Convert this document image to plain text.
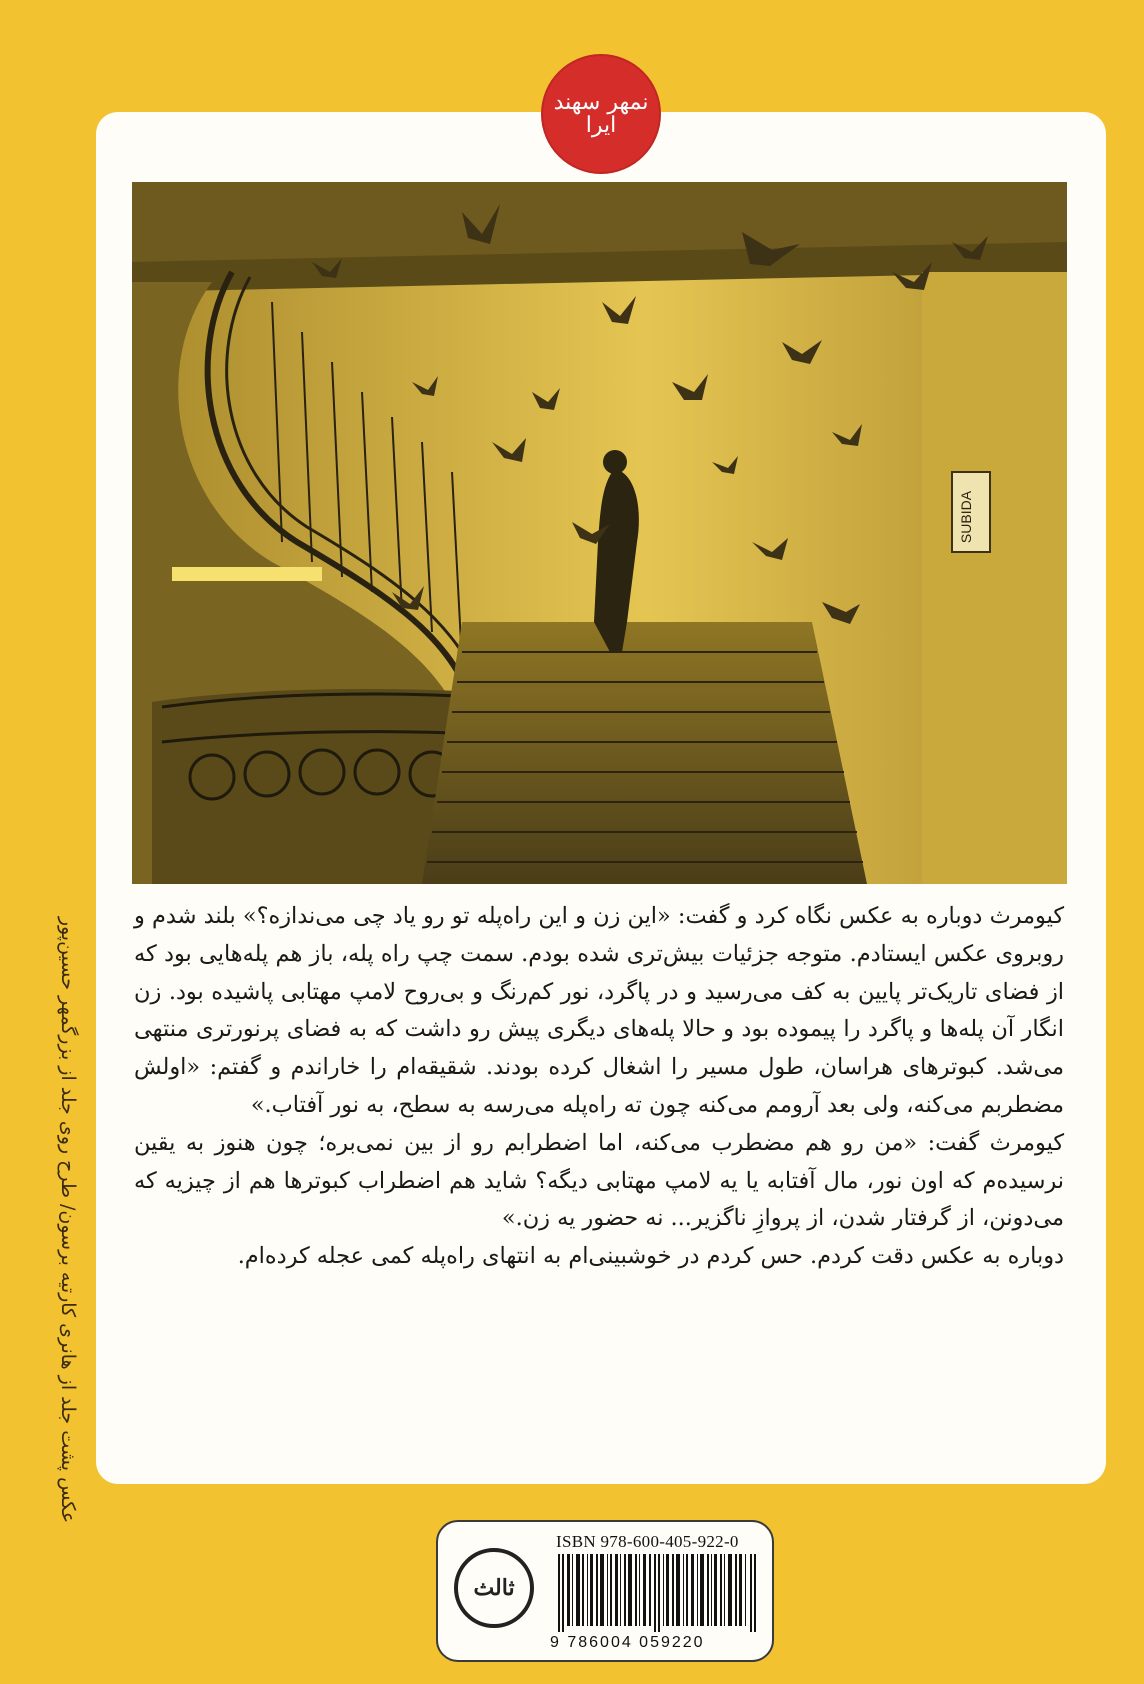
عکس پشت جلد از هانری کارتیه برسون/ طرح روی جلد از بزرگمهر حسین‌پور
نمهر سهند ایرا
SUBIDA

کیومرث دوباره به عکس نگاه کرد و گفت: «این زن و این راه‌پله تو رو یاد چی می‌ندازه؟» بلند شدم و روبروی عکس ایستادم. متوجه جزئیات بیش‌تری شده بودم. سمت چپ راه پله، باز هم پله‌هایی بود که از فضای تاریک‌تر پایین به کف می‌رسید و در پاگرد، نور کم‌رنگ و بی‌روح لامپ مهتابی پاشیده بود. زن انگار آن پله‌ها و پاگرد را پیموده بود و حالا پله‌های دیگری پیش رو داشت که به فضای پرنورتری منتهی می‌شد. کبوترهای هراسان، طول مسیر را اشغال کرده بودند. شقیقه‌ام را خاراندم و گفتم: «اولش مضطربم می‌کنه، ولی بعد آرومم می‌کنه چون ته راه‌پله می‌رسه به سطح، به نور آفتاب.»

کیومرث گفت: «من رو هم مضطرب می‌کنه، اما اضطرابم رو از بین نمی‌بره؛ چون هنوز به یقین نرسیده‌م که اون نور، مال آفتابه یا یه لامپ مهتابی دیگه؟ شاید هم اضطراب کبوترها هم از چیزیه که می‌دونن، از گرفتار شدن، از پروازِ ناگزیر... نه حضور یه زن.»

دوباره به عکس دقت کردم. حس کردم در خوشبینی‌ام به انتهای راه‌پله کمی عجله کرده‌ام.

ثالث
ISBN 978-600-405-922-0
9 786004 059220
